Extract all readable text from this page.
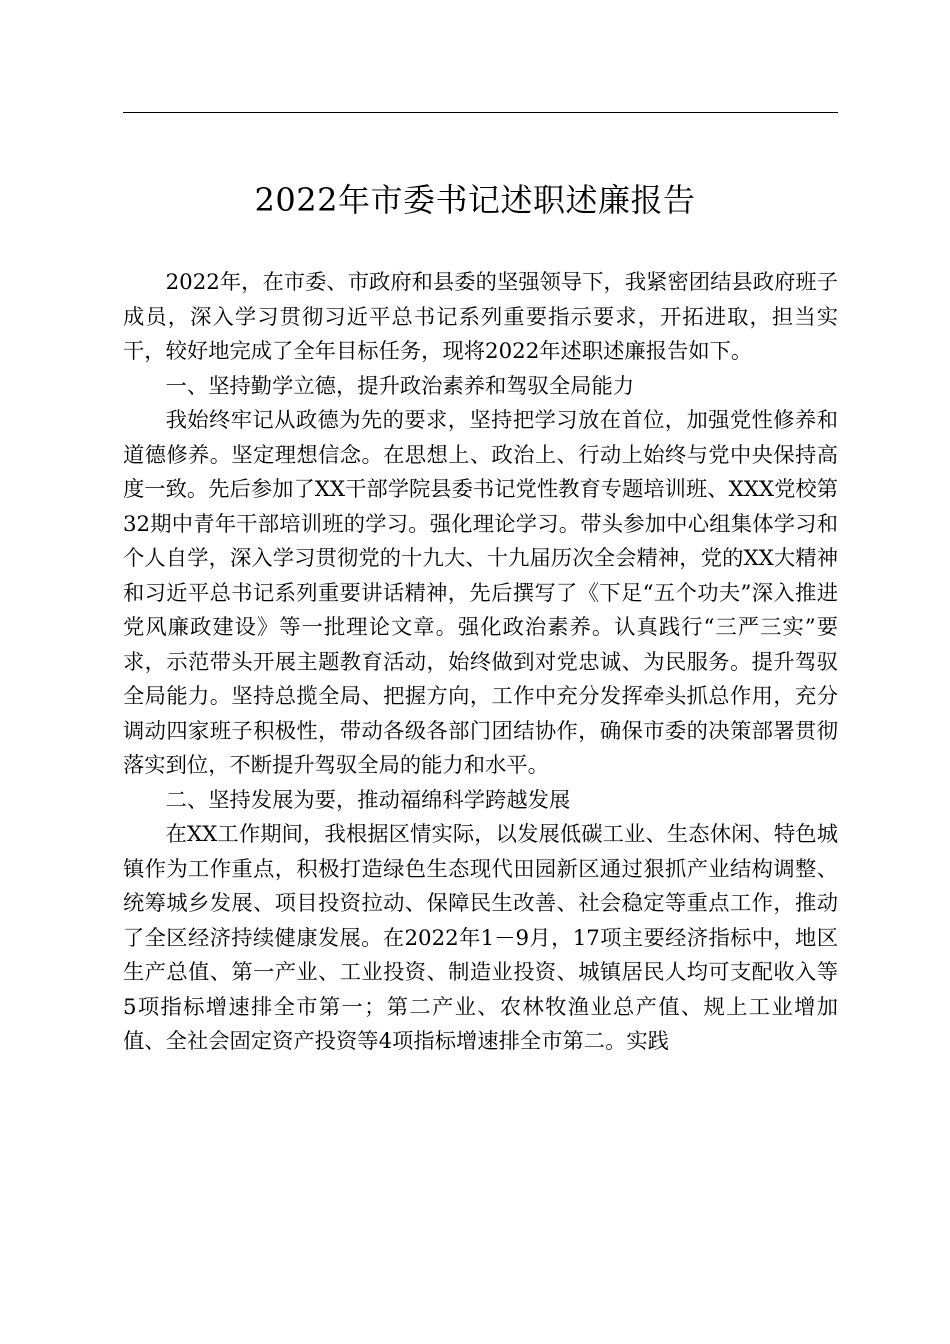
2022年市委书记述职述廉报告

2022年，在市委、市政府和县委的坚强领导下，我紧密团结县政府班子成员，深入学习贯彻习近平总书记系列重要指示要求，开拓进取，担当实干，较好地完成了全年目标任务，现将2022年述职述廉报告如下。

一、坚持勤学立德，提升政治素养和驾驭全局能力

我始终牢记从政德为先的要求，坚持把学习放在首位，加强党性修养和道德修养。坚定理想信念。在思想上、政治上、行动上始终与党中央保持高度一致。先后参加了XX干部学院县委书记党性教育专题培训班、XXX党校第32期中青年干部培训班的学习。强化理论学习。带头参加中心组集体学习和个人自学，深入学习贯彻党的十九大、十九届历次全会精神，党的XX大精神和习近平总书记系列重要讲话精神，先后撰写了《下足“五个功夫”深入推进党风廉政建设》等一批理论文章。强化政治素养。认真践行“三严三实”要求，示范带头开展主题教育活动，始终做到对党忠诚、为民服务。提升驾驭全局能力。坚持总揽全局、把握方向，工作中充分发挥牵头抓总作用，充分调动四家班子积极性，带动各级各部门团结协作，确保市委的决策部署贯彻落实到位，不断提升驾驭全局的能力和水平。

二、坚持发展为要，推动福绵科学跨越发展

在XX工作期间，我根据区情实际，以发展低碳工业、生态休闲、特色城镇作为工作重点，积极打造绿色生态现代田园新区通过狠抓产业结构调整、统筹城乡发展、项目投资拉动、保障民生改善、社会稳定等重点工作，推动了全区经济持续健康发展。在2022年1－9月，17项主要经济指标中，地区生产总值、第一产业、工业投资、制造业投资、城镇居民人均可支配收入等5项指标增速排全市第一；第二产业、农林牧渔业总产值、规上工业增加值、全社会固定资产投资等4项指标增速排全市第二。实践
